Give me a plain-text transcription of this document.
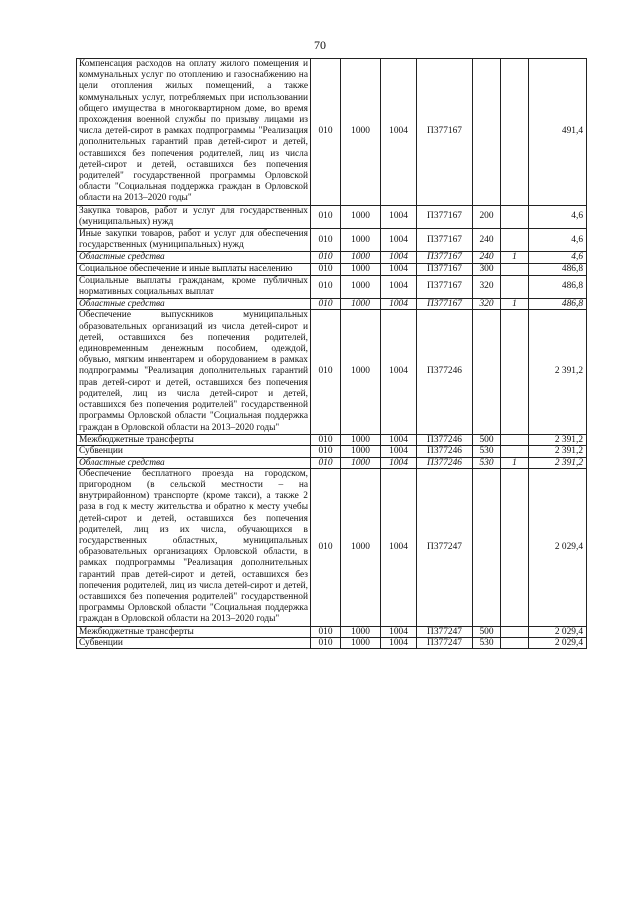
70
Компенсация расходов на оплату жилого помещения и коммунальных услуг по отоплению и газоснабжению на цели отопления жилых помещений, а также коммунальных услуг, потребляемых при использовании общего имущества в многоквартирном доме, во время прохождения военной службы по призыву лицами из числа детей-сирот в рамках подпрограммы "Реализация дополнительных гарантий прав детей-сирот и детей, оставшихся без попечения родителей, лиц из числа детей-сирот и детей, оставшихся без попечения родителей" государственной программы Орловской области "Социальная поддержка граждан в Орловской области на 2013–2020 годы"	010	1000	1004	П377167			491,4
Закупка товаров, работ и услуг для государственных (муниципальных) нужд	010	1000	1004	П377167	200		4,6
Иные закупки товаров, работ и услуг для обеспечения государственных (муниципальных) нужд	010	1000	1004	П377167	240		4,6
Областные средства	010	1000	1004	П377167	240	1	4,6
Социальное обеспечение и иные выплаты населению	010	1000	1004	П377167	300		486,8
Социальные выплаты гражданам, кроме публичных нормативных социальных выплат	010	1000	1004	П377167	320		486,8
Областные средства	010	1000	1004	П377167	320	1	486,8
Обеспечение выпускников муниципальных образовательных организаций из числа детей-сирот и детей, оставшихся без попечения родителей, единовременным денежным пособием, одеждой, обувью, мягким инвентарем и оборудованием в рамках подпрограммы "Реализация дополнительных гарантий прав детей-сирот и детей, оставшихся без попечения родителей, лиц из числа детей-сирот и детей, оставшихся без попечения родителей" государственной программы Орловской области "Социальная поддержка граждан в Орловской области на 2013–2020 годы"	010	1000	1004	П377246			2 391,2
Межбюджетные трансферты	010	1000	1004	П377246	500		2 391,2
Субвенции	010	1000	1004	П377246	530		2 391,2
Областные средства	010	1000	1004	П377246	530	1	2 391,2
Обеспечение бесплатного проезда на городском, пригородном (в сельской местности – на внутрирайонном) транспорте (кроме такси), а также 2 раза в год к месту жительства и обратно к месту учебы детей-сирот и детей, оставшихся без попечения родителей, лиц из их числа, обучающихся в государственных областных, муниципальных образовательных организациях Орловской области, в рамках подпрограммы "Реализация дополнительных гарантий прав детей-сирот и детей, оставшихся без попечения родителей, лиц из числа детей-сирот и детей, оставшихся без попечения родителей" государственной программы Орловской области "Социальная поддержка граждан в Орловской области на 2013–2020 годы"	010	1000	1004	П377247			2 029,4
Межбюджетные трансферты	010	1000	1004	П377247	500		2 029,4
Субвенции	010	1000	1004	П377247	530		2 029,4
